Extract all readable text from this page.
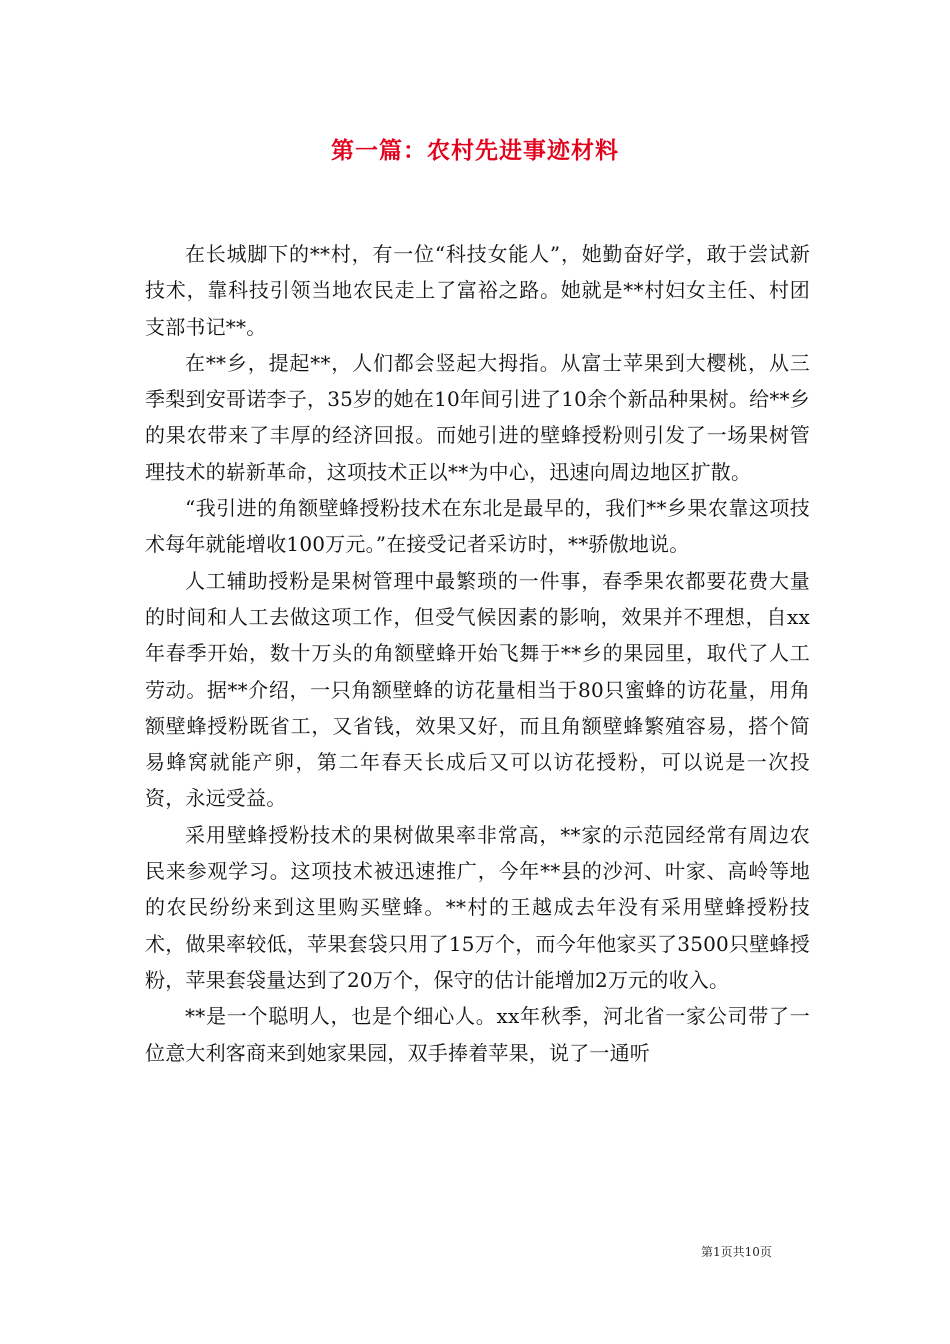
第一篇：农村先进事迹材料

在长城脚下的**村，有一位“科技女能人”，她勤奋好学，敢于尝试新技术，靠科技引领当地农民走上了富裕之路。她就是**村妇女主任、村团支部书记**。

在**乡，提起**，人们都会竖起大拇指。从富士苹果到大樱桃，从三季梨到安哥诺李子，35岁的她在10年间引进了10余个新品种果树。给**乡的果农带来了丰厚的经济回报。而她引进的壁蜂授粉则引发了一场果树管理技术的崭新革命，这项技术正以**为中心，迅速向周边地区扩散。

“我引进的角额壁蜂授粉技术在东北是最早的，我们**乡果农靠这项技术每年就能增收100万元。”在接受记者采访时，**骄傲地说。

人工辅助授粉是果树管理中最繁琐的一件事，春季果农都要花费大量的时间和人工去做这项工作，但受气候因素的影响，效果并不理想，自xx年春季开始，数十万头的角额壁蜂开始飞舞于**乡的果园里，取代了人工劳动。据**介绍，一只角额壁蜂的访花量相当于80只蜜蜂的访花量，用角额壁蜂授粉既省工，又省钱，效果又好，而且角额壁蜂繁殖容易，搭个简易蜂窝就能产卵，第二年春天长成后又可以访花授粉，可以说是一次投资，永远受益。

采用壁蜂授粉技术的果树做果率非常高，**家的示范园经常有周边农民来参观学习。这项技术被迅速推广，今年**县的沙河、叶家、高岭等地的农民纷纷来到这里购买壁蜂。**村的王越成去年没有采用壁蜂授粉技术，做果率较低，苹果套袋只用了15万个，而今年他家买了3500只壁蜂授粉，苹果套袋量达到了20万个，保守的估计能增加2万元的收入。

**是一个聪明人，也是个细心人。xx年秋季，河北省一家公司带了一位意大利客商来到她家果园，双手捧着苹果，说了一通听

第1页共10页
